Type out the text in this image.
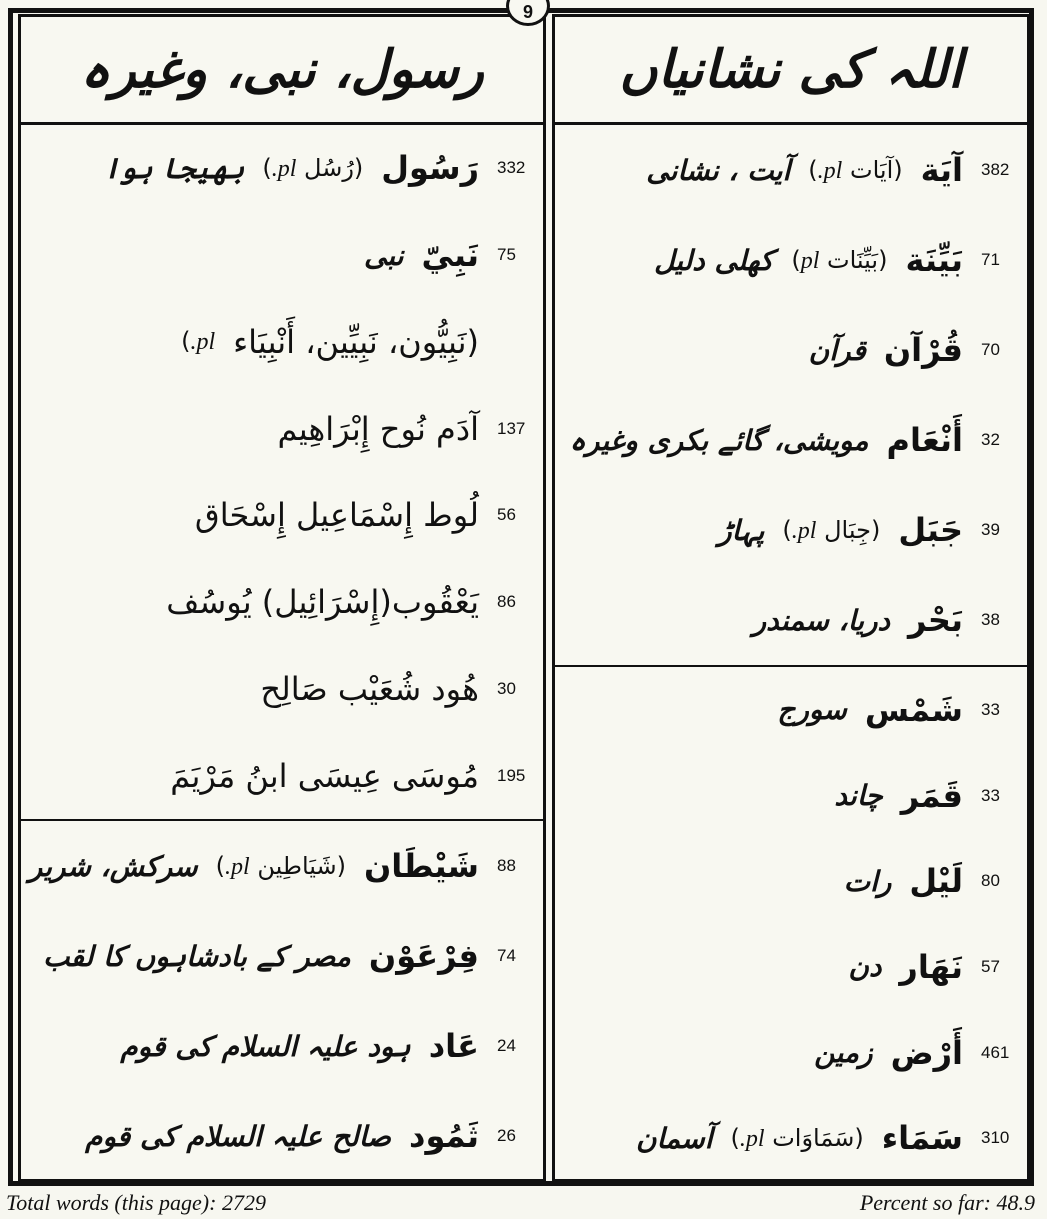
9
اللہ کی نشانیاں
382
آيَة
(آيَات pl.)
آیت ، نشانی
71
بَيِّنَة
(بَيِّنَات pl)
کھلی دلیل
70
قُرْآن
قرآن
32
أَنْعَام
مویشی، گائے بکری وغیرہ
39
جَبَل
(جِبَال pl.)
پہاڑ
38
بَحْر
دریا، سمندر
33
شَمْس
سورج
33
قَمَر
چاند
80
لَيْل
رات
57
نَهَار
دن
461
أَرْض
زمین
310
سَمَاء
(سَمَاوَات pl.)
آسمان
رسول، نبی، وغیرہ
332
رَسُول
(رُسُل pl.)
بھیجا ہوا
75
نَبِيّ
نبی
(نَبِيُّون، نَبِيِّين، أَنْبِيَاء
pl.)
137
آدَم نُوح إِبْرَاهِيم
56
لُوط إِسْمَاعِيل إِسْحَاق
86
يَعْقُوب(إِسْرَائِيل) يُوسُف
30
هُود شُعَيْب صَالِح
195
مُوسَى عِيسَى ابنُ مَرْيَمَ
88
شَيْطَان
(شَيَاطِين pl.)
سرکش، شریر
74
فِرْعَوْن
مصر کے بادشاہوں کا لقب
24
عَاد
ہود علیہ السلام کی قوم
26
ثَمُود
صالح علیہ السلام کی قوم
Total words (this page): 2729	Percent so far: 48.9
